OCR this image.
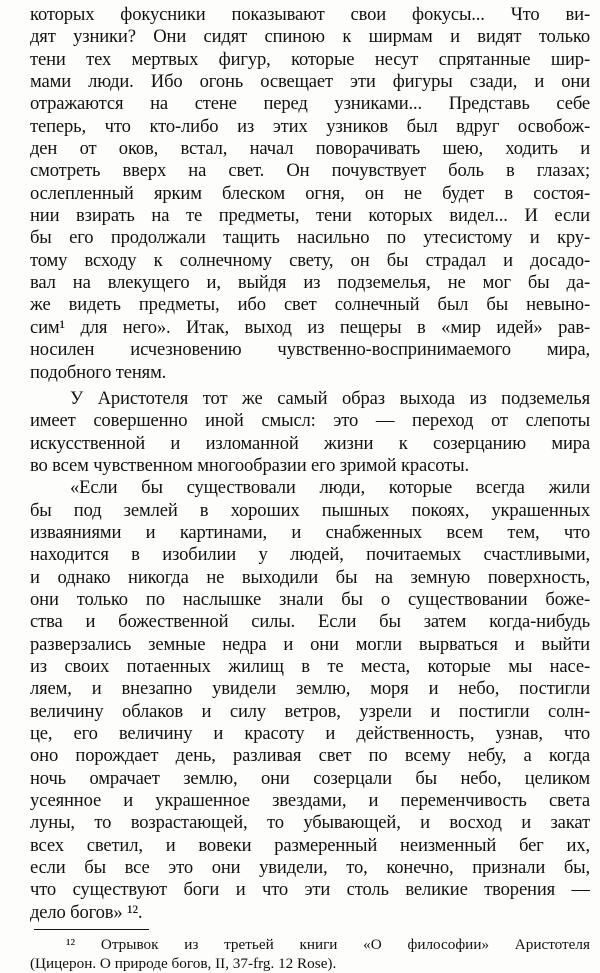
которых фокусники показывают свои фокусы... Что ви-
дят узники? Они сидят спиною к ширмам и видят только
тени тех мертвых фигур, которые несут спрятанные шир-
мами люди. Ибо огонь освещает эти фигуры сзади, и они
отражаются на стене перед узниками... Представь себе
теперь, что кто-либо из этих узников был вдруг освобож-
ден от оков, встал, начал поворачивать шею, ходить и
смотреть вверх на свет. Он почувствует боль в глазах;
ослепленный ярким блеском огня, он не будет в состоя-
нии взирать на те предметы, тени которых видел... И если
бы его продолжали тащить насильно по утесистому и кру-
тому всходу к солнечному свету, он бы страдал и досадо-
вал на влекущего и, выйдя из подземелья, не мог бы да-
же видеть предметы, ибо свет солнечный был бы невыно-
сим¹ для него». Итак, выход из пещеры в «мир идей» рав-
носилен исчезновению чувственно-воспринимаемого мира,
подобного теням.
У Аристотеля тот же самый образ выхода из подземелья
имеет совершенно иной смысл: это — переход от слепоты
искусственной и изломанной жизни к созерцанию мира
во всем чувственном многообразии его зримой красоты.
«Если бы существовали люди, которые всегда жили
бы под землей в хороших пышных покоях, украшенных
изваяниями и картинами, и снабженных всем тем, что
находится в изобилии у людей, почитаемых счастливыми,
и однако никогда не выходили бы на земную поверхность,
они только по наслышке знали бы о существовании боже-
ства и божественной силы. Если бы затем когда-нибудь
разверзались земные недра и они могли вырваться и выйти
из своих потаенных жилищ в те места, которые мы насе-
ляем, и внезапно увидели землю, моря и небо, постигли
величину облаков и силу ветров, узрели и постигли солн-
це, его величину и красоту и действенность, узнав, что
оно порождает день, разливая свет по всему небу, а когда
ночь омрачает землю, они созерцали бы небо, целиком
усеянное и украшенное звездами, и переменчивость света
луны, то возрастающей, то убывающей, и восход и закат
всех светил, и вовеки размеренный неизменный бег их,
если бы все это они увидели, то, конечно, признали бы,
что существуют боги и что эти столь великие творения —
дело богов» ¹².
¹² Отрывок из третьей книги «О философии» Аристотеля
(Цицерон. О природе богов, II, 37-frg. 12 Rose).
